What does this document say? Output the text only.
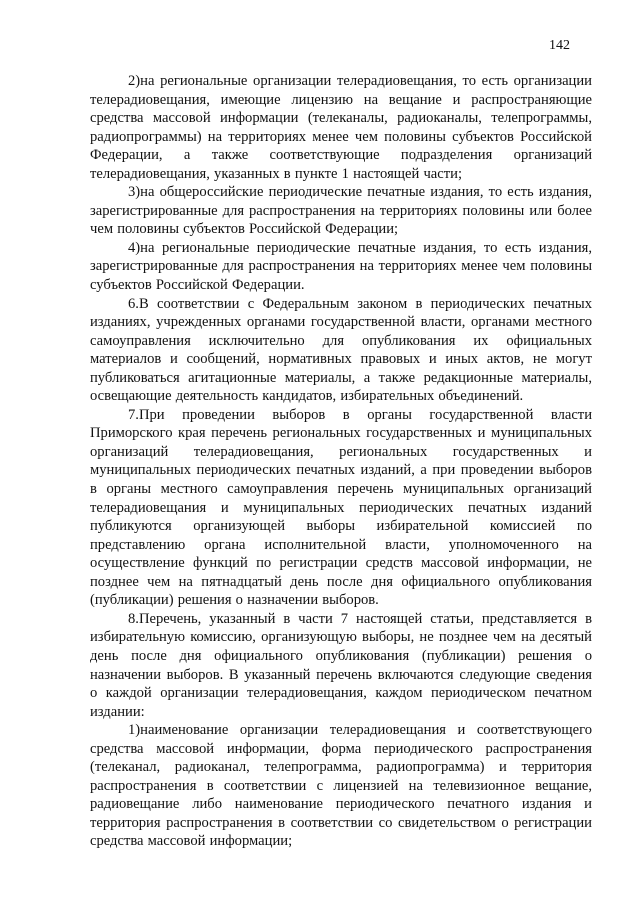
142

2)на региональные организации телерадиовещания, то есть организации телерадиовещания, имеющие лицензию на вещание и распространяющие средства массовой информации (телеканалы, радиоканалы, телепрограммы, радиопрограммы) на территориях менее чем половины субъектов Российской Федерации, а также соответствующие подразделения организаций телерадиовещания, указанных в пункте 1 настоящей части;

3)на общероссийские периодические печатные издания, то есть издания, зарегистрированные для распространения на территориях половины или более чем половины субъектов Российской Федерации;

4)на региональные периодические печатные издания, то есть издания, зарегистрированные для распространения на территориях менее чем половины субъектов Российской Федерации.

6.В соответствии с Федеральным законом в периодических печатных изданиях, учрежденных органами государственной власти, органами местного самоуправления исключительно для опубликования их официальных материалов и сообщений, нормативных правовых и иных актов, не могут публиковаться агитационные материалы, а также редакционные материалы, освещающие деятельность кандидатов, избирательных объединений.

7.При проведении выборов в органы государственной власти Приморского края перечень региональных государственных и муниципальных организаций телерадиовещания, региональных государственных и муниципальных периодических печатных изданий, а при проведении выборов в органы местного самоуправления перечень муниципальных организаций телерадиовещания и муниципальных периодических печатных изданий публикуются организующей выборы избирательной комиссией по представлению органа исполнительной власти, уполномоченного на осуществление функций по регистрации средств массовой информации, не позднее чем на пятнадцатый день после дня официального опубликования (публикации) решения о назначении выборов.

8.Перечень, указанный в части 7 настоящей статьи, представляется в избирательную комиссию, организующую выборы, не позднее чем на десятый день после дня официального опубликования (публикации) решения о назначении выборов. В указанный перечень включаются следующие сведения о каждой организации телерадиовещания, каждом периодическом печатном издании:

1)наименование организации телерадиовещания и соответствующего средства массовой информации, форма периодического распространения (телеканал, радиоканал, телепрограмма, радиопрограмма) и территория распространения в соответствии с лицензией на телевизионное вещание, радиовещание либо наименование периодического печатного издания и территория распространения в соответствии со свидетельством о регистрации средства массовой информации;
